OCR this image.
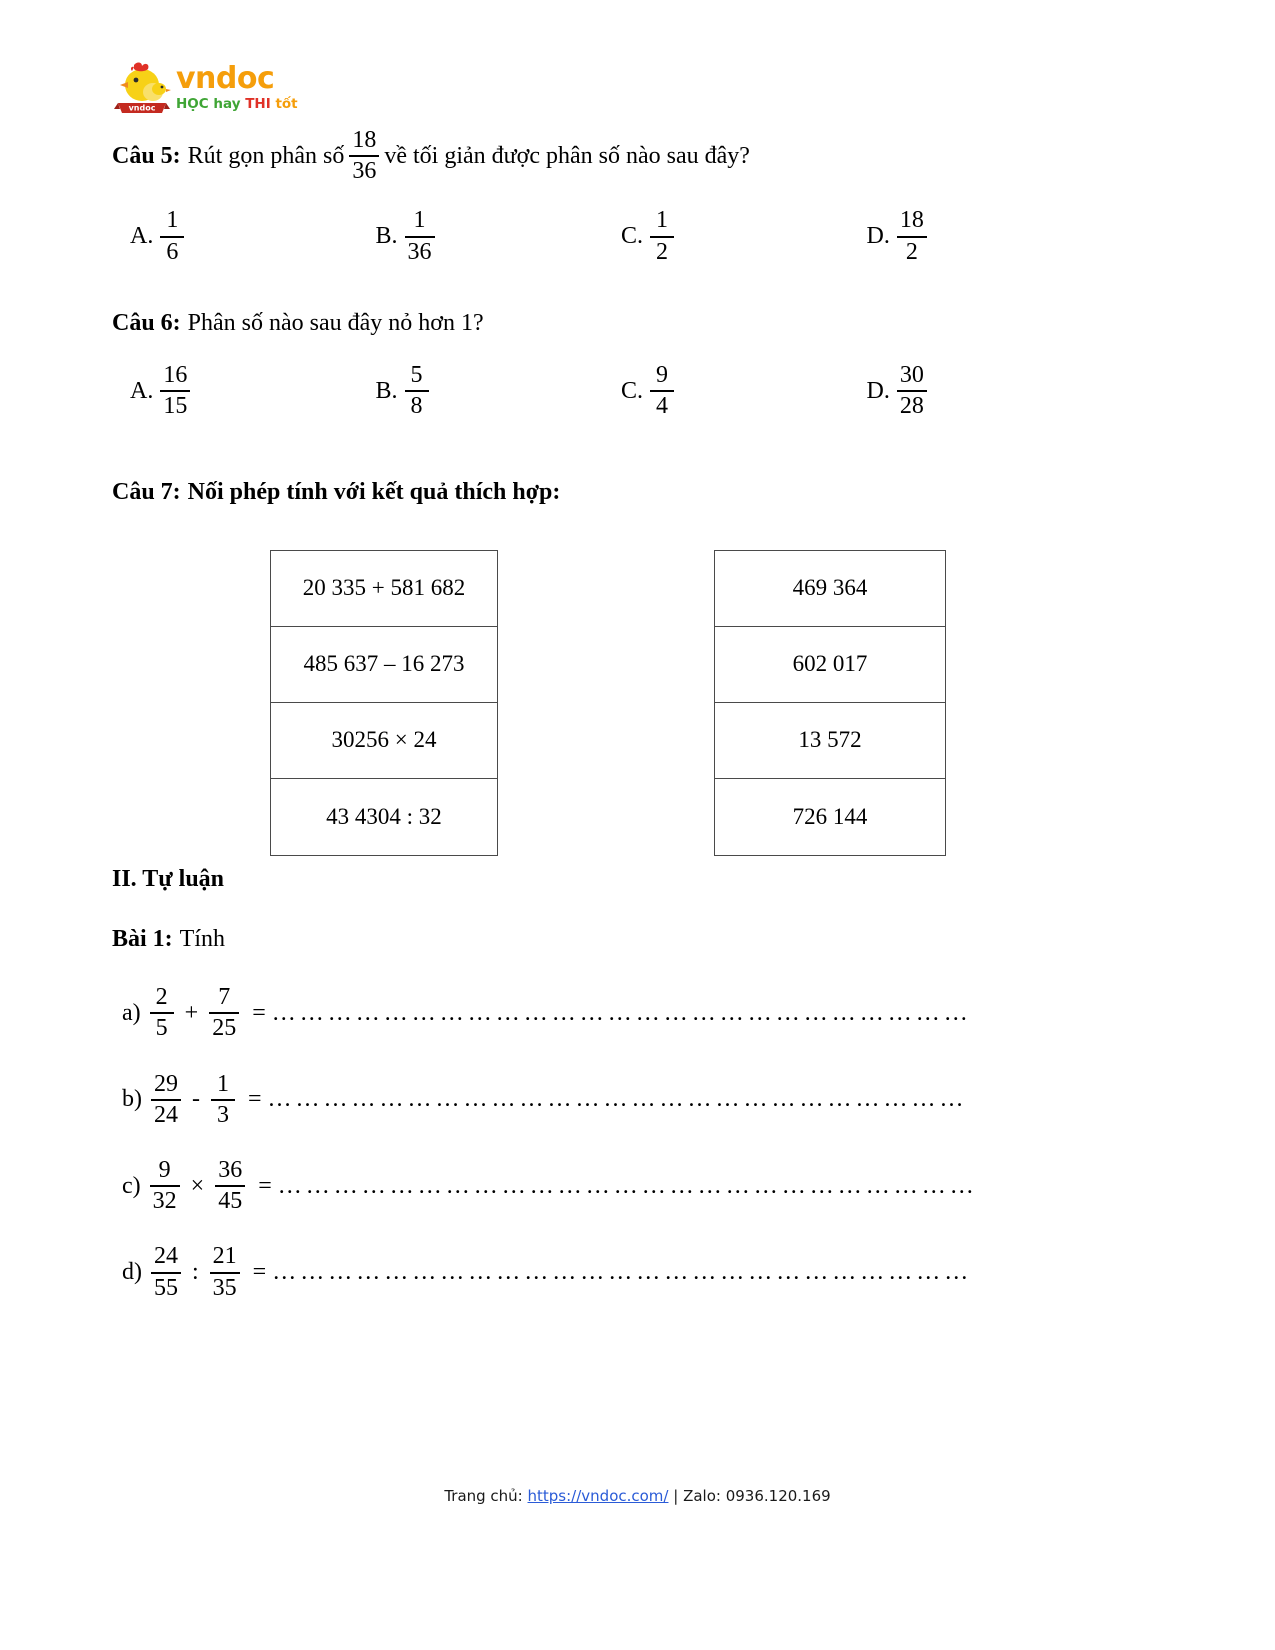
vndoc
vndoc
HỌC hay THI tốt
Câu 5: Rút gọn phân số $\frac{18}{36}$ về tối giản được phân số nào sau đây?
A. $\frac{1}{6}$	B. $\frac{1}{36}$	C. $\frac{1}{2}$	D. $\frac{18}{2}$
Câu 6: Phân số nào sau đây nỏ hơn 1?
A. $\frac{16}{15}$	B. $\frac{5}{8}$	C. $\frac{9}{4}$	D. $\frac{30}{28}$
Câu 7: Nối phép tính với kết quả thích hợp:
20 335 + 581 682
485 637 – 16 273
30256 × 24
43 4304 : 32
469 364
602 017
13 572
726 144
II. Tự luận
Bài 1: Tính
$a) \frac{2}{5} + \frac{7}{25}$ = …………………………………………………………………
$b) \frac{29}{24} - \frac{1}{3}$ = …………………………………………………………………
$c) \frac{9}{32} \times \frac{36}{45}$ = …………………………………………………………………
$d) \frac{24}{55}$ : $\frac{21}{35}$ = …………………………………………………………………
Trang chủ: https://vndoc.com/ | Zalo: 0936.120.169
